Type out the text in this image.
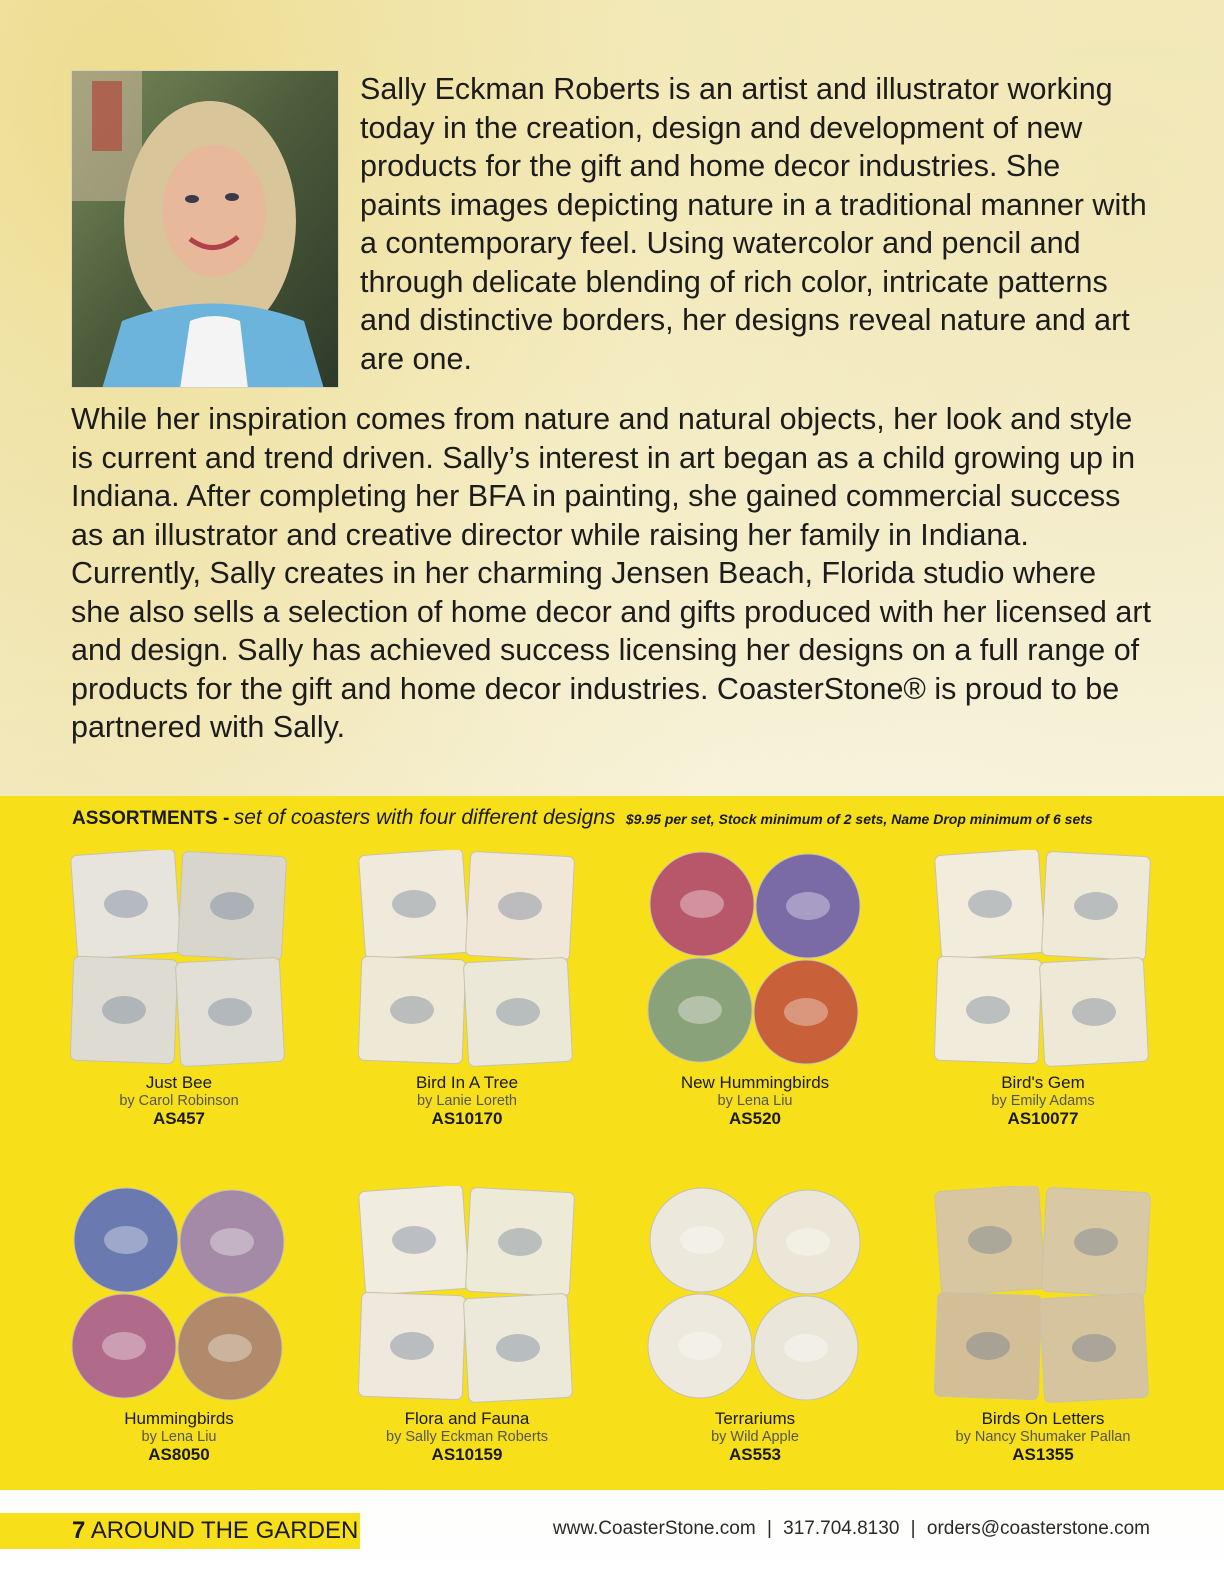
Sally Eckman Roberts is an artist and illustrator working today in the creation, design and development of new products for the gift and home decor industries. She paints images depicting nature in a traditional manner with a contemporary feel. Using watercolor and pencil and through delicate blending of rich color, intricate patterns and distinctive borders, her designs reveal nature and art are one.

While her inspiration comes from nature and natural objects, her look and style is current and trend driven. Sally’s interest in art began as a child growing up in Indiana. After completing her BFA in painting, she gained commercial success as an illustrator and creative director while raising her family in Indiana. Currently, Sally creates in her charming Jensen Beach, Florida studio where she also sells a selection of home decor and gifts produced with her licensed art and design. Sally has achieved success licensing her designs on a full range of products for the gift and home decor industries. CoasterStone® is proud to be partnered with Sally.

ASSORTMENTS - set of coasters with four different designs $9.95 per set, Stock minimum of 2 sets, Name Drop minimum of 6 sets
Just Bee
by Carol Robinson
AS457
Bird In A Tree
by Lanie Loreth
AS10170
New Hummingbirds
by Lena Liu
AS520
Bird's Gem
by Emily Adams
AS10077
Hummingbirds
by Lena Liu
AS8050
Flora and Fauna
by Sally Eckman Roberts
AS10159
Terrariums
by Wild Apple
AS553
Birds On Letters
by Nancy Shumaker Pallan
AS1355
7 AROUND THE GARDEN	www.CoasterStone.com | 317.704.8130 | orders@coasterstone.com
